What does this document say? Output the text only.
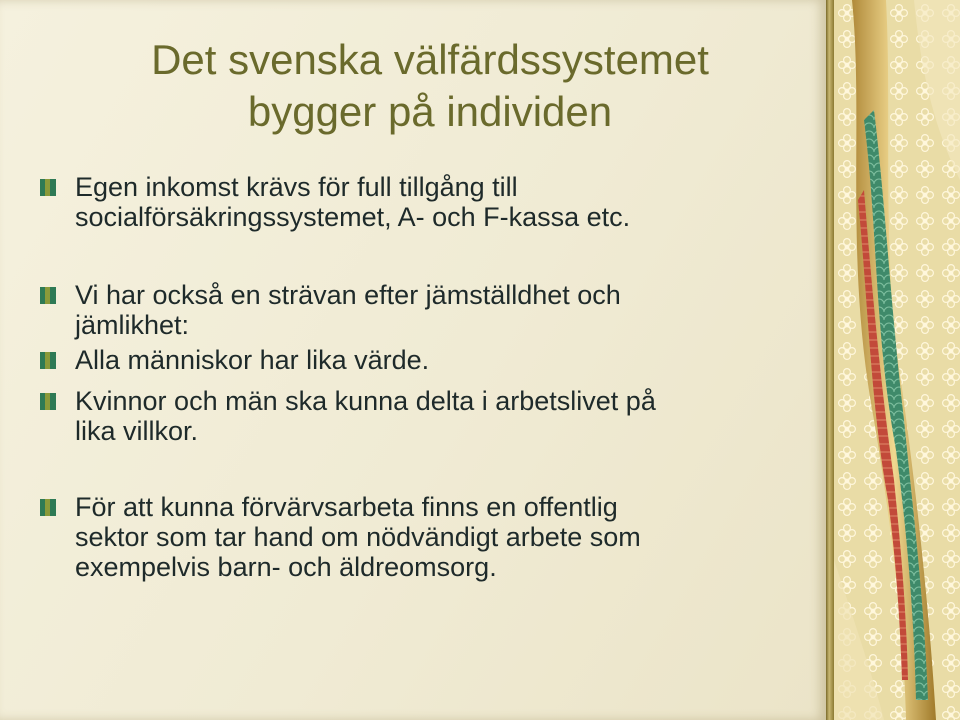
Det svenska välfärdssystemet
bygger på individen
Egen inkomst krävs för full tillgång till
socialförsäkringssystemet, A- och F-kassa etc.
Vi har också en strävan efter jämställdhet och
jämlikhet:
Alla människor har lika värde.
Kvinnor och män ska kunna delta i arbetslivet på
lika villkor.
För att kunna förvärvsarbeta finns en offentlig
sektor som tar hand om nödvändigt arbete som
exempelvis barn- och äldreomsorg.
